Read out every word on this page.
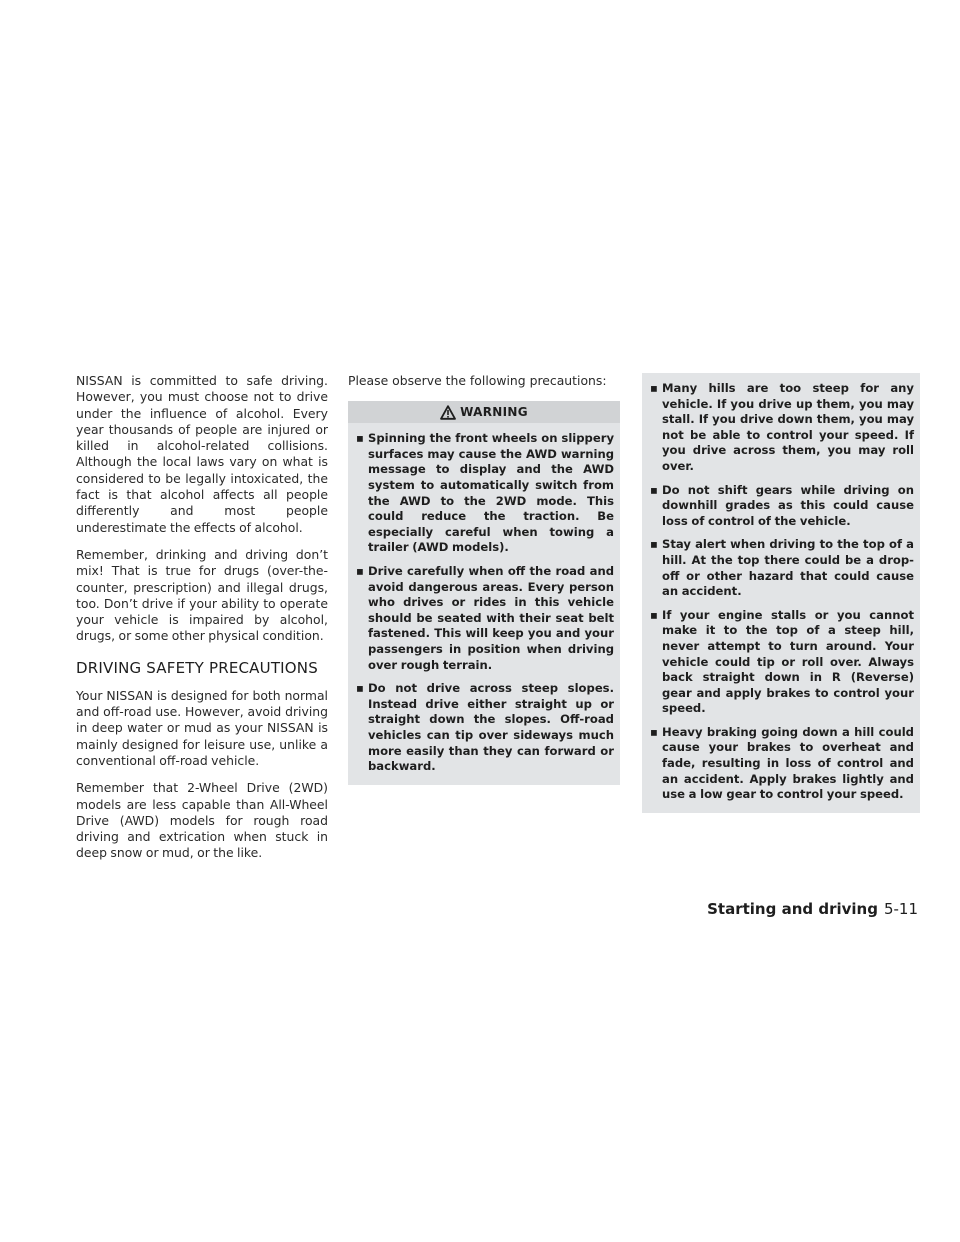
NISSAN is committed to safe driving. However, you must choose not to drive under the influence of alcohol. Every year thousands of people are injured or killed in alcohol-related collisions. Although the local laws vary on what is considered to be legally intoxicated, the fact is that alcohol affects all people differently and most people underestimate the effects of alcohol.

Remember, drinking and driving don’t mix! That is true for drugs (over-the-counter, prescription) and illegal drugs, too. Don’t drive if your ability to operate your vehicle is impaired by alcohol, drugs, or some other physical condition.

DRIVING SAFETY PRECAUTIONS

Your NISSAN is designed for both normal and off-road use. However, avoid driving in deep water or mud as your NISSAN is mainly designed for leisure use, unlike a conventional off-road vehicle.

Remember that 2-Wheel Drive (2WD) models are less capable than All-Wheel Drive (AWD) models for rough road driving and extrication when stuck in deep snow or mud, or the like.

Please observe the following precautions:
WARNING
▪ Spinning the front wheels on slippery surfaces may cause the AWD warning message to display and the AWD system to automatically switch from the AWD to the 2WD mode. This could reduce the traction. Be especially careful when towing a trailer (AWD models).
▪ Drive carefully when off the road and avoid dangerous areas. Every person who drives or rides in this vehicle should be seated with their seat belt fastened. This will keep you and your passengers in position when driving over rough terrain.
▪ Do not drive across steep slopes. Instead drive either straight up or straight down the slopes. Off-road vehicles can tip over sideways much more easily than they can forward or backward.
▪ Many hills are too steep for any vehicle. If you drive up them, you may stall. If you drive down them, you may not be able to control your speed. If you drive across them, you may roll over.
▪ Do not shift gears while driving on downhill grades as this could cause loss of control of the vehicle.
▪ Stay alert when driving to the top of a hill. At the top there could be a drop-off or other hazard that could cause an accident.
▪ If your engine stalls or you cannot make it to the top of a steep hill, never attempt to turn around. Your vehicle could tip or roll over. Always back straight down in R (Reverse) gear and apply brakes to control your speed.
▪ Heavy braking going down a hill could cause your brakes to overheat and fade, resulting in loss of control and an accident. Apply brakes lightly and use a low gear to control your speed.
Starting and driving 5-11
